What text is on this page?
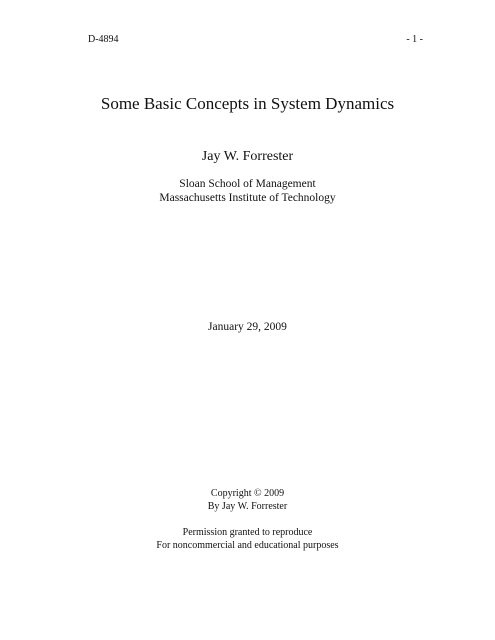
D-4894	- 1 -
Some Basic Concepts in System Dynamics
Jay W. Forrester
Sloan School of Management
Massachusetts Institute of Technology
January 29, 2009
Copyright © 2009
By Jay W. Forrester
Permission granted to reproduce
For noncommercial and educational purposes
